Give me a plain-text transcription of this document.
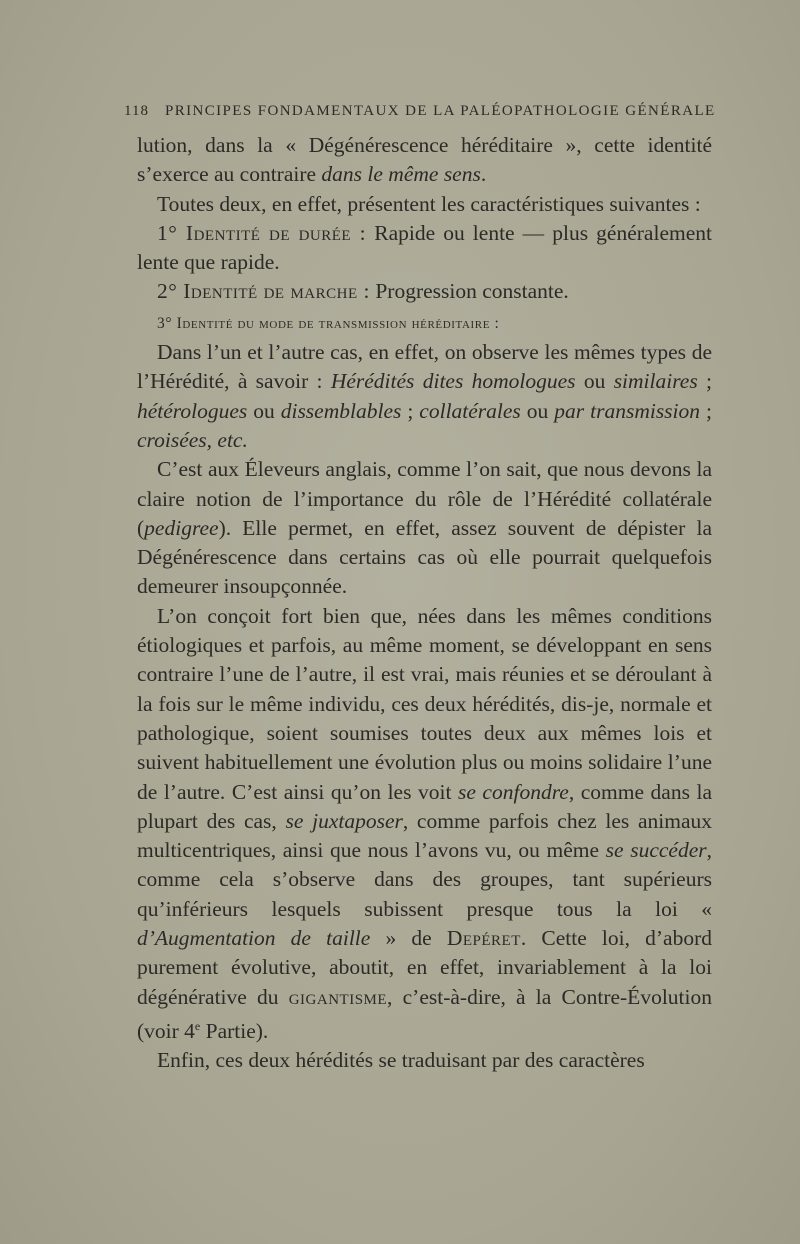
118 PRINCIPES FONDAMENTAUX DE LA PALÉOPATHOLOGIE GÉNÉRALE

lution, dans la « Dégénérescence héréditaire », cette identité s’exerce au contraire dans le même sens.

Toutes deux, en effet, présentent les caractéristiques suivantes :

1° Identité de durée : Rapide ou lente — plus généralement lente que rapide.

2° Identité de marche : Progression constante.

3° Identité du mode de transmission héréditaire :

Dans l’un et l’autre cas, en effet, on observe les mêmes types de l’Hérédité, à savoir : Hérédités dites homologues ou similaires ; hétérologues ou dissemblables ; collatérales ou par transmission ; croisées, etc.

C’est aux Éleveurs anglais, comme l’on sait, que nous devons la claire notion de l’importance du rôle de l’Hérédité collatérale (pedigree). Elle permet, en effet, assez souvent de dépister la Dégénérescence dans certains cas où elle pourrait quelquefois demeurer insoupçonnée.

L’on conçoit fort bien que, nées dans les mêmes conditions étiologiques et parfois, au même moment, se développant en sens contraire l’une de l’autre, il est vrai, mais réunies et se déroulant à la fois sur le même individu, ces deux hérédités, dis-je, normale et pathologique, soient soumises toutes deux aux mêmes lois et suivent habituellement une évolution plus ou moins solidaire l’une de l’autre. C’est ainsi qu’on les voit se confondre, comme dans la plupart des cas, se juxtaposer, comme parfois chez les animaux multicentriques, ainsi que nous l’avons vu, ou même se succéder, comme cela s’observe dans des groupes, tant supérieurs qu’inférieurs lesquels subissent presque tous la loi « d’Augmentation de taille » de Depéret. Cette loi, d’abord purement évolutive, aboutit, en effet, invariablement à la loi dégénérative du gigantisme, c’est-à-dire, à la Contre-Évolution (voir 4e Partie).

Enfin, ces deux hérédités se traduisant par des caractères
